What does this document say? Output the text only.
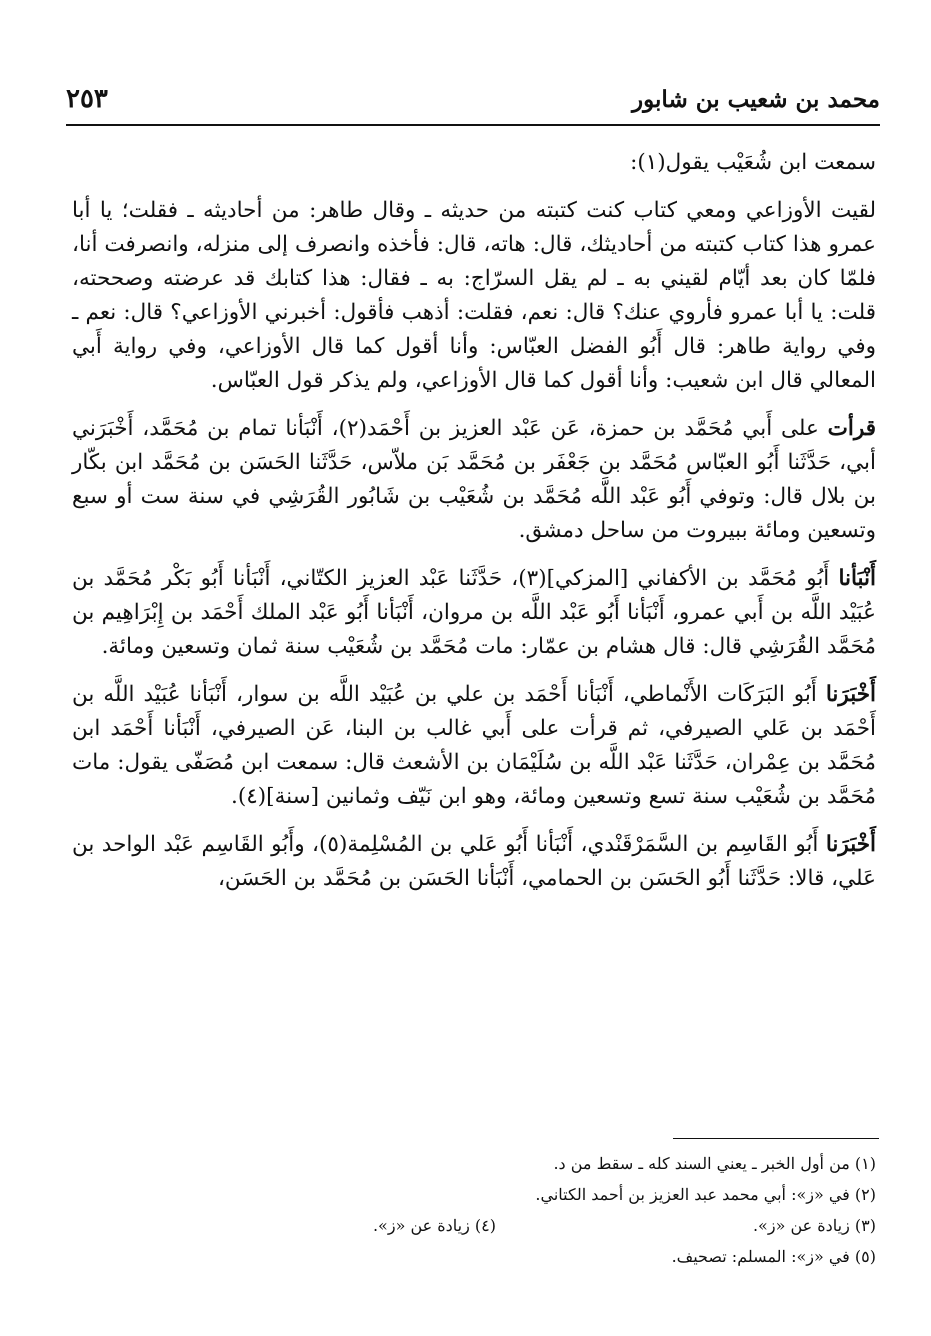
محمد بن شعيب بن شابور
٢٥٣

سمعت ابن شُعَيْب يقول(١):

لقيت الأوزاعي ومعي كتاب كنت كتبته من حديثه ـ وقال طاهر: من أحاديثه ـ فقلت؛ يا أبا عمرو هذا كتاب كتبته من أحاديثك، قال: هاته، قال: فأخذه وانصرف إلى منزله، وانصرفت أنا، فلمّا كان بعد أيّام لقيني به ـ لم يقل السرّاج: به ـ فقال: هذا كتابك قد عرضته وصححته، قلت: يا أبا عمرو فأروي عنك؟ قال: نعم، فقلت: أذهب فأقول: أخبرني الأوزاعي؟ قال: نعم ـ وفي رواية طاهر: قال أَبُو الفضل العبّاس: وأنا أقول كما قال الأوزاعي، وفي رواية أَبي المعالي قال ابن شعيب: وأنا أقول كما قال الأوزاعي، ولم يذكر قول العبّاس.

قرأت على أَبي مُحَمَّد بن حمزة، عَن عَبْد العزيز بن أَحْمَد(٢)، أَنْبَأنا تمام بن مُحَمَّد، أَخْبَرَني أبي، حَدَّثَنا أَبُو العبّاس مُحَمَّد بن جَعْفَر بن مُحَمَّد بَن ملاّس، حَدَّثَنا الحَسَن بن مُحَمَّد ابن بكّار بن بلال قال: وتوفي أَبُو عَبْد اللَّه مُحَمَّد بن شُعَيْب بن شَابُور القُرَشِي في سنة ست أو سبع وتسعين ومائة ببيروت من ساحل دمشق.

أَنْبَأنا أَبُو مُحَمَّد بن الأكفاني [المزكي](٣)، حَدَّثَنا عَبْد العزيز الكتّاني، أَنْبَأنا أَبُو بَكْر مُحَمَّد بن عُبَيْد اللَّه بن أَبي عمرو، أَنْبَأنا أَبُو عَبْد اللَّه بن مروان، أَنْبَأنا أَبُو عَبْد الملك أَحْمَد بن إِبْرَاهِيم بن مُحَمَّد القُرَشِي قال: قال هشام بن عمّار: مات مُحَمَّد بن شُعَيْب سنة ثمان وتسعين ومائة.

أَخْبَرَنا أَبُو البَرَكَات الأَنْماطي، أَنْبَأنا أَحْمَد بن علي بن عُبَيْد اللَّه بن سوار، أَنْبَأنا عُبَيْد اللَّه بن أَحْمَد بن عَلي الصيرفي، ثم قرأت على أَبي غالب بن البنا، عَن الصيرفي، أَنْبَأنا أَحْمَد ابن مُحَمَّد بن عِمْران، حَدَّثَنا عَبْد اللَّه بن سُلَيْمَان بن الأشعث قال: سمعت ابن مُصَفّى يقول: مات مُحَمَّد بن شُعَيْب سنة تسع وتسعين ومائة، وهو ابن نَيّف وثمانين [سنة](٤).

أَخْبَرَنا أَبُو القَاسِم بن السَّمَرْقَنْدي، أَنْبَأنا أَبُو عَلي بن المُسْلِمة(٥)، وأَبُو القَاسِم عَبْد الواحد بن عَلي، قالا: حَدَّثَنا أَبُو الحَسَن بن الحمامي، أَنْبَأنا الحَسَن بن مُحَمَّد بن الحَسَن،

(١) من أول الخبر ـ يعني السند كله ـ سقط من د.
(٢) في «ز»: أبي محمد عبد العزيز بن أحمد الكتاني.
(٣) زيادة عن «ز».
(٤) زيادة عن «ز».
(٥) في «ز»: المسلم: تصحيف.
